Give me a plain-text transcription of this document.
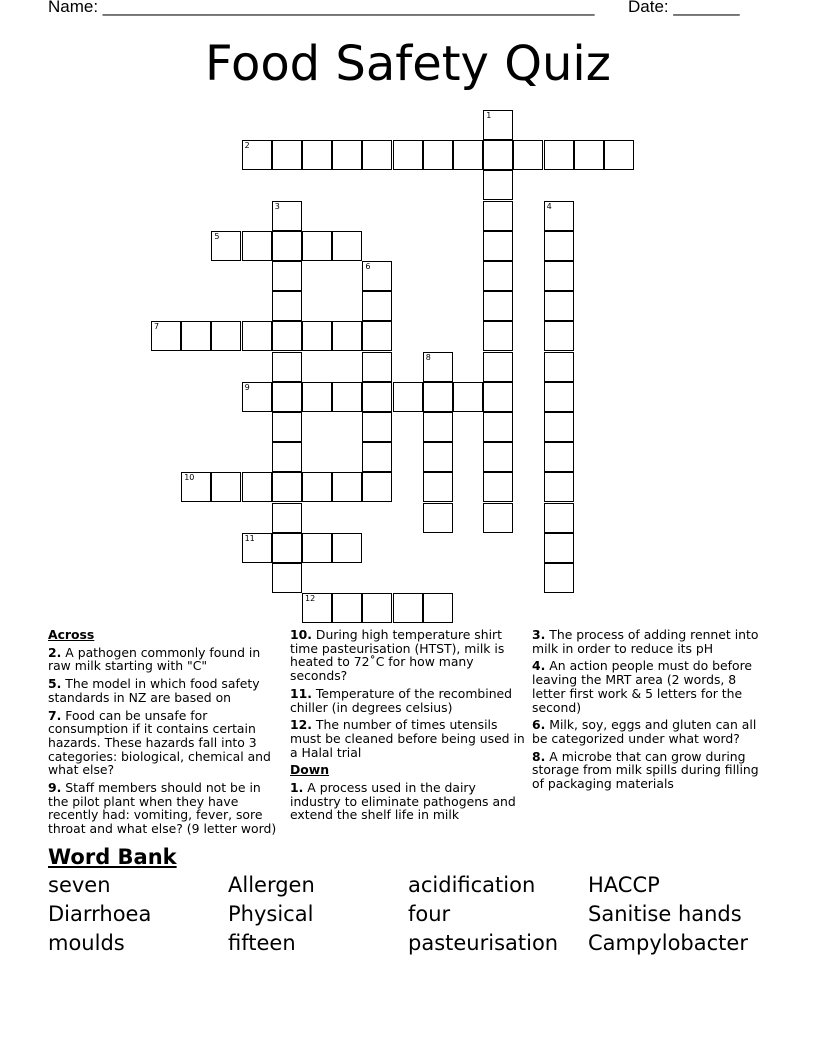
Name: ____________________________________________________ Date: _______
Food Safety Quiz
1
2
3	4
5
6
7
8
9
10
11
12
Across
2. A pathogen commonly found in raw milk starting with "C"
5. The model in which food safety standards in NZ are based on
7. Food can be unsafe for consumption if it contains certain hazards. These hazards fall into 3 categories: biological, chemical and what else?
9. Staff members should not be in the pilot plant when they have recently had: vomiting, fever, sore throat and what else? (9 letter word)
10. During high temperature shirt time pasteurisation (HTST), milk is heated to 72˚C for how many seconds?
11. Temperature of the recombined chiller (in degrees celsius)
12. The number of times utensils must be cleaned before being used in a Halal trial
Down
1. A process used in the dairy industry to eliminate pathogens and extend the shelf life in milk
3. The process of adding rennet into milk in order to reduce its pH
4. An action people must do before leaving the MRT area (2 words, 8 letter first work & 5 letters for the second)
6. Milk, soy, eggs and gluten can all be categorized under what word?
8. A microbe that can grow during storage from milk spills during filling of packaging materials
Word Bank
seven	Allergen	acidification	HACCP
Diarrhoea	Physical	four	Sanitise hands
moulds	fifteen	pasteurisation	Campylobacter
